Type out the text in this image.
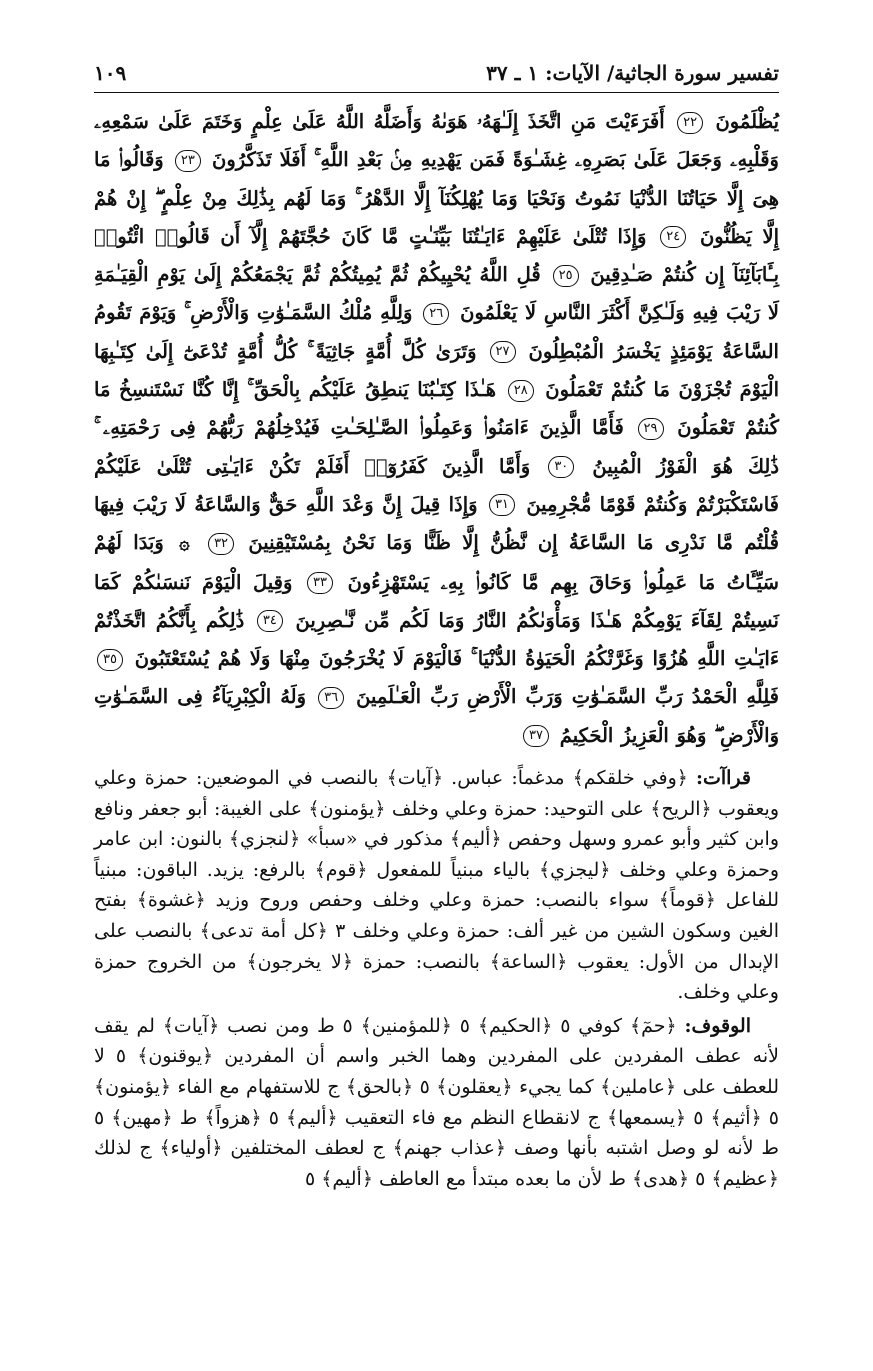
تفسير سورة الجاثية/ الآيات: ١ ـ ٣٧
١٠٩
يُظْلَمُونَ ٢٢ أَفَرَءَيْتَ مَنِ اتَّخَذَ إِلَـٰهَهُۥ هَوَىٰهُ وَأَضَلَّهُ اللَّهُ عَلَىٰ عِلْمٍ وَخَتَمَ عَلَىٰ سَمْعِهِۦ وَقَلْبِهِۦ وَجَعَلَ عَلَىٰ بَصَرِهِۦ غِشَـٰوَةً فَمَن يَهْدِيهِ مِنۢ بَعْدِ اللَّهِ ۚ أَفَلَا تَذَكَّرُونَ ٢٣ وَقَالُوا۟ مَا هِىَ إِلَّا حَيَاتُنَا الدُّنْيَا نَمُوتُ وَنَحْيَا وَمَا يُهْلِكُنَآ إِلَّا الدَّهْرُ ۚ وَمَا لَهُم بِذَٰلِكَ مِنْ عِلْمٍ ۖ إِنْ هُمْ إِلَّا يَظُنُّونَ ٢٤ وَإِذَا تُتْلَىٰ عَلَيْهِمْ ءَايَـٰتُنَا بَيِّنَـٰتٍ مَّا كَانَ حُجَّتَهُمْ إِلَّآ أَن قَالُوا۟ ائْتُوا۟ بِـَٔابَآئِنَآ إِن كُنتُمْ صَـٰدِقِينَ ٢٥ قُلِ اللَّهُ يُحْيِيكُمْ ثُمَّ يُمِيتُكُمْ ثُمَّ يَجْمَعُكُمْ إِلَىٰ يَوْمِ الْقِيَـٰمَةِ لَا رَيْبَ فِيهِ وَلَـٰكِنَّ أَكْثَرَ النَّاسِ لَا يَعْلَمُونَ ٢٦ وَلِلَّهِ مُلْكُ السَّمَـٰوَٰتِ وَالْأَرْضِ ۚ وَيَوْمَ تَقُومُ السَّاعَةُ يَوْمَئِذٍ يَخْسَرُ الْمُبْطِلُونَ ٢٧ وَتَرَىٰ كُلَّ أُمَّةٍ جَاثِيَةً ۚ كُلُّ أُمَّةٍ تُدْعَىٰٓ إِلَىٰ كِتَـٰبِهَا الْيَوْمَ تُجْزَوْنَ مَا كُنتُمْ تَعْمَلُونَ ٢٨ هَـٰذَا كِتَـٰبُنَا يَنطِقُ عَلَيْكُم بِالْحَقِّ ۚ إِنَّا كُنَّا نَسْتَنسِخُ مَا كُنتُمْ تَعْمَلُونَ ٢٩ فَأَمَّا الَّذِينَ ءَامَنُوا۟ وَعَمِلُوا۟ الصَّـٰلِحَـٰتِ فَيُدْخِلُهُمْ رَبُّهُمْ فِى رَحْمَتِهِۦ ۚ ذَٰلِكَ هُوَ الْفَوْزُ الْمُبِينُ ٣٠ وَأَمَّا الَّذِينَ كَفَرُوٓا۟ أَفَلَمْ تَكُنْ ءَايَـٰتِى تُتْلَىٰ عَلَيْكُمْ فَاسْتَكْبَرْتُمْ وَكُنتُمْ قَوْمًا مُّجْرِمِينَ ٣١ وَإِذَا قِيلَ إِنَّ وَعْدَ اللَّهِ حَقٌّ وَالسَّاعَةُ لَا رَيْبَ فِيهَا قُلْتُم مَّا نَدْرِى مَا السَّاعَةُ إِن نَّظُنُّ إِلَّا ظَنًّا وَمَا نَحْنُ بِمُسْتَيْقِنِينَ ٣٢ ۞ وَبَدَا لَهُمْ سَيِّـَٔاتُ مَا عَمِلُوا۟ وَحَاقَ بِهِم مَّا كَانُوا۟ بِهِۦ يَسْتَهْزِءُونَ ٣٣ وَقِيلَ الْيَوْمَ نَنسَىٰكُمْ كَمَا نَسِيتُمْ لِقَآءَ يَوْمِكُمْ هَـٰذَا وَمَأْوَىٰكُمُ النَّارُ وَمَا لَكُم مِّن نَّـٰصِرِينَ ٣٤ ذَٰلِكُم بِأَنَّكُمُ اتَّخَذْتُمْ ءَايَـٰتِ اللَّهِ هُزُوًا وَغَرَّتْكُمُ الْحَيَوٰةُ الدُّنْيَا ۚ فَالْيَوْمَ لَا يُخْرَجُونَ مِنْهَا وَلَا هُمْ يُسْتَعْتَبُونَ ٣٥ فَلِلَّهِ الْحَمْدُ رَبِّ السَّمَـٰوَٰتِ وَرَبِّ الْأَرْضِ رَبِّ الْعَـٰلَمِينَ ٣٦ وَلَهُ الْكِبْرِيَآءُ فِى السَّمَـٰوَٰتِ وَالْأَرْضِ ۖ وَهُوَ الْعَزِيزُ الْحَكِيمُ ٣٧

قراآت: ﴿وفي خلقكم﴾ مدغماً: عباس. ﴿آيات﴾ بالنصب في الموضعين: حمزة وعلي ويعقوب ﴿الريح﴾ على التوحيد: حمزة وعلي وخلف ﴿يؤمنون﴾ على الغيبة: أبو جعفر ونافع وابن كثير وأبو عمرو وسهل وحفص ﴿أليم﴾ مذكور في «سبأ» ﴿لنجزي﴾ بالنون: ابن عامر وحمزة وعلي وخلف ﴿ليجزي﴾ بالياء مبنياً للمفعول ﴿قوم﴾ بالرفع: يزيد. الباقون: مبنياً للفاعل ﴿قوماً﴾ سواء بالنصب: حمزة وعلي وخلف وحفص وروح وزيد ﴿غشوة﴾ بفتح الغين وسكون الشين من غير ألف: حمزة وعلي وخلف ٣ ﴿كل أمة تدعى﴾ بالنصب على الإبدال من الأول: يعقوب ﴿الساعة﴾ بالنصب: حمزة ﴿لا يخرجون﴾ من الخروج حمزة وعلي وخلف.

الوقوف: ﴿حمٓ﴾ كوفي ٥ ﴿الحكيم﴾ ٥ ﴿للمؤمنين﴾ ٥ ط ومن نصب ﴿آيات﴾ لم يقف لأنه عطف المفردين على المفردين وهما الخبر واسم أن المفردين ﴿يوقنون﴾ ٥ لا للعطف على ﴿عاملين﴾ كما يجيء ﴿يعقلون﴾ ٥ ﴿بالحق﴾ ج للاستفهام مع الفاء ﴿يؤمنون﴾ ٥ ﴿أثيم﴾ ٥ ﴿يسمعها﴾ ج لانقطاع النظم مع فاء التعقيب ﴿أليم﴾ ٥ ﴿هزواً﴾ ط ﴿مهين﴾ ٥ ط لأنه لو وصل اشتبه بأنها وصف ﴿عذاب جهنم﴾ ج لعطف المختلفين ﴿أولياء﴾ ج لذلك ﴿عظيم﴾ ٥ ﴿هدى﴾ ط لأن ما بعده مبتدأ مع العاطف ﴿أليم﴾ ٥
